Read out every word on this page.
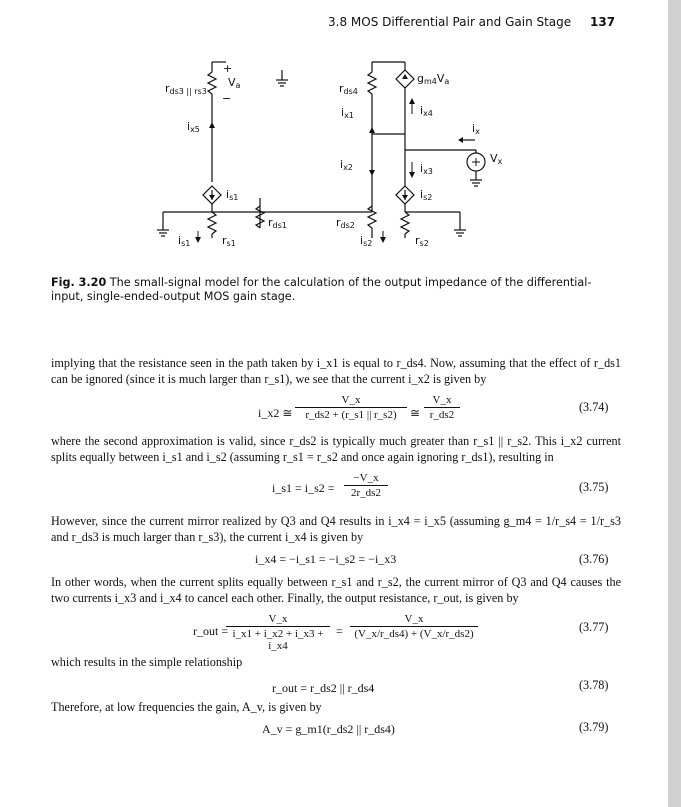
3.8 MOS Differential Pair and Gain Stage 137
rds3 || rs3
+
−
Va
ix5
is1
rds1
is1	rs1
rds4
ix1
gm4Va
ix4
ix2	ix3
is2
rds2
is2	rs2
ix
Vx
Fig. 3.20 The small-signal model for the calculation of the output impedance of the differential-input, single-ended-output MOS gain stage.
implying that the resistance seen in the path taken by i_x1 is equal to r_ds4. Now, assuming that the effect of r_ds1 can be ignored (since it is much larger than r_s1), we see that the current i_x2 is given by
i_x2 ≅ $\frac{V\_x}{r\_ds2 + (r\_s1 || r\_s2)}$ ≅ $\frac{V\_x}{r\_ds2}$	(3.74)
where the second approximation is valid, since r_ds2 is typically much greater than r_s1 || r_s2. This i_x2 current splits equally between i_s1 and i_s2 (assuming r_s1 = r_s2 and once again ignoring r_ds1), resulting in
i_s1 = i_s2 = $\frac{-V\_x}{2r\_ds2}$	(3.75)
However, since the current mirror realized by Q3 and Q4 results in i_x4 = i_x5 (assuming g_m4 = 1/r_s4 = 1/r_s3 and r_ds3 is much larger than r_s3), the current i_x4 is given by
i_x4 = −i_s1 = −i_s2 = −i_x3	(3.76)
In other words, when the current splits equally between r_s1 and r_s2, the current mirror of Q3 and Q4 causes the two currents i_x3 and i_x4 to cancel each other. Finally, the output resistance, r_out, is given by
r_out =
$\frac{V\_x}{i\_x1 + i\_x2 + i\_x3 + i\_x4} = \frac{V\_x}{(V\_x/r\_ds4) + (V\_x/r\_ds2)}$	(3.77)
which results in the simple relationship
r_out = r_ds2 || r_ds4	(3.78)
Therefore, at low frequencies the gain, A_v, is given by
A_v = g_m1(r_ds2 || r_ds4)	(3.79)
